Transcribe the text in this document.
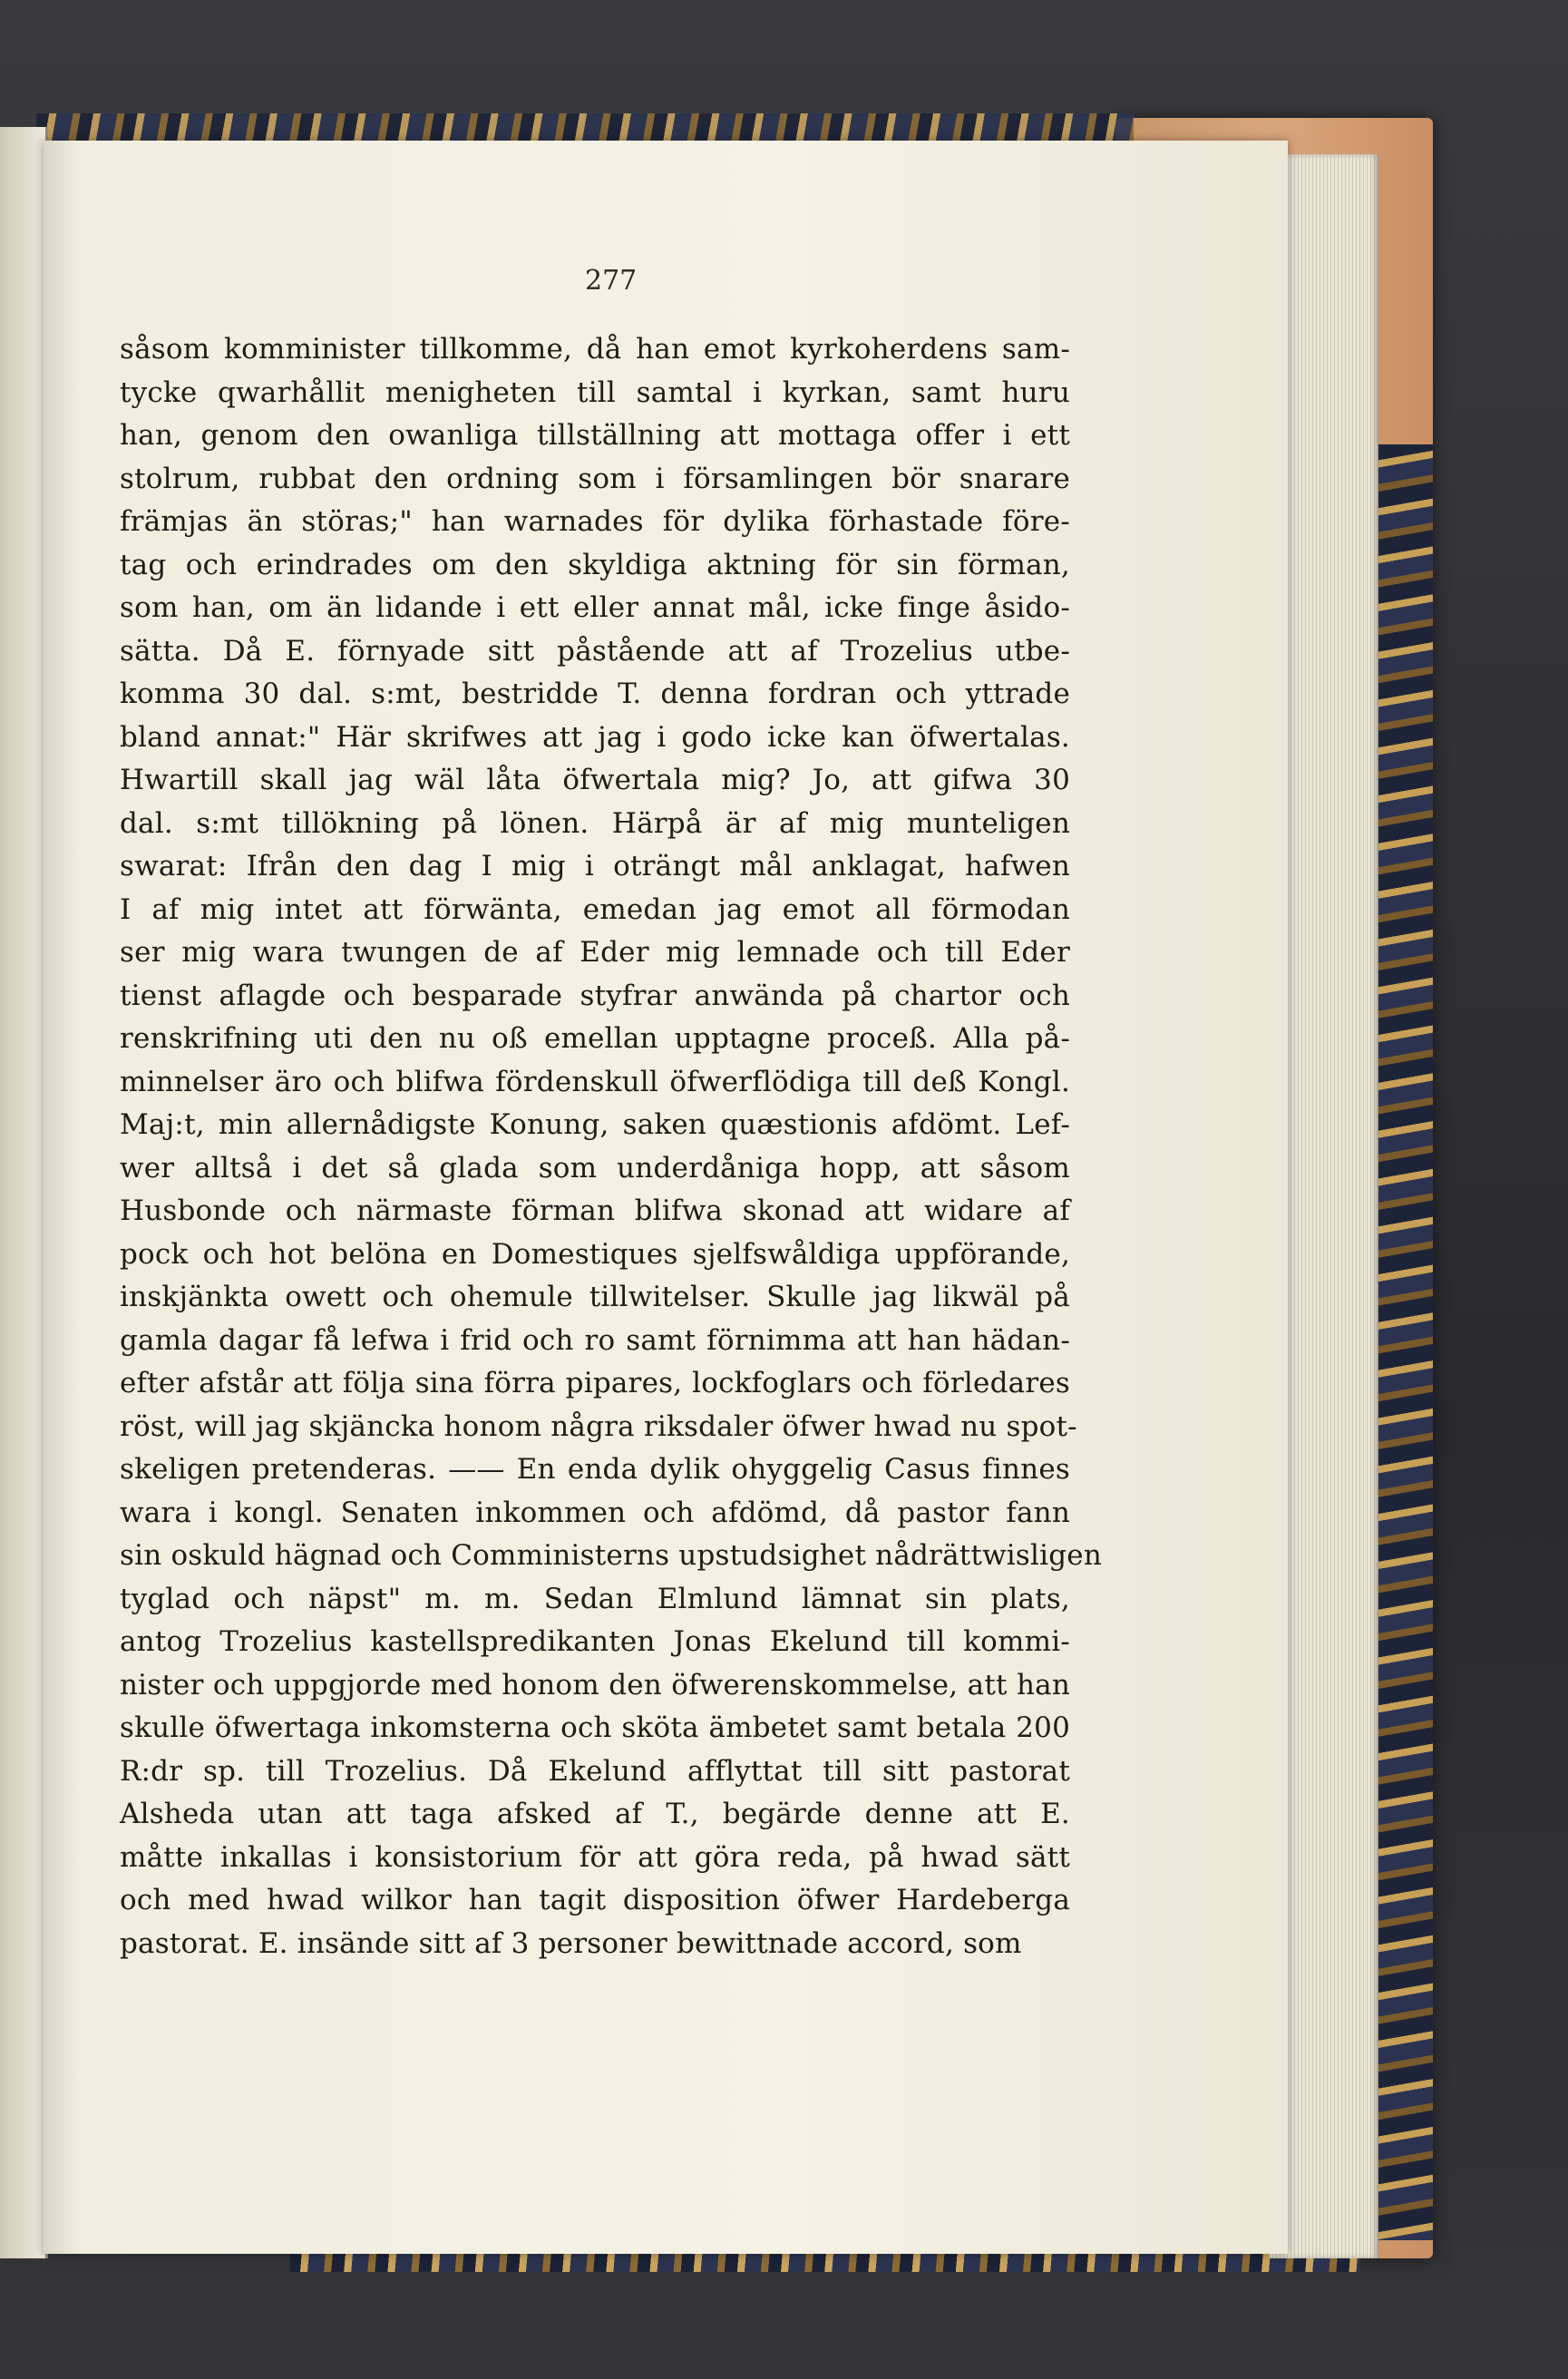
277
såsom komminister tillkomme, då han emot kyrkoherdens sam-
tycke qwarhållit menigheten till samtal i kyrkan, samt huru
han, genom den owanliga tillställning att mottaga offer i ett
stolrum, rubbat den ordning som i församlingen bör snarare
främjas än störas;" han warnades för dylika förhastade före-
tag och erindrades om den skyldiga aktning för sin förman,
som han, om än lidande i ett eller annat mål, icke finge åsido-
sätta. Då E. förnyade sitt påstående att af Trozelius utbe-
komma 30 dal. s:mt, bestridde T. denna fordran och yttrade
bland annat:" Här skrifwes att jag i godo icke kan öfwertalas.
Hwartill skall jag wäl låta öfwertala mig? Jo, att gifwa 30
dal. s:mt tillökning på lönen. Härpå är af mig munteligen
swarat: Ifrån den dag I mig i oträngt mål anklagat, hafwen
I af mig intet att förwänta, emedan jag emot all förmodan
ser mig wara twungen de af Eder mig lemnade och till Eder
tienst aflagde och besparade styfrar anwända på chartor och
renskrifning uti den nu oß emellan upptagne proceß. Alla på-
minnelser äro och blifwa fördenskull öfwerflödiga till deß Kongl.
Maj:t, min allernådigste Konung, saken quæstionis afdömt. Lef-
wer alltså i det så glada som underdåniga hopp, att såsom
Husbonde och närmaste förman blifwa skonad att widare af
pock och hot belöna en Domestiques sjelfswåldiga uppförande,
inskjänkta owett och ohemule tillwitelser. Skulle jag likwäl på
gamla dagar få lefwa i frid och ro samt förnimma att han hädan-
efter afstår att följa sina förra pipares, lockfoglars och förledares
röst, will jag skjäncka honom några riksdaler öfwer hwad nu spot-
skeligen pretenderas. —— En enda dylik ohyggelig Casus finnes
wara i kongl. Senaten inkommen och afdömd, då pastor fann
sin oskuld hägnad och Comministerns upstudsighet nådrättwisligen
tyglad och näpst" m. m. Sedan Elmlund lämnat sin plats,
antog Trozelius kastellspredikanten Jonas Ekelund till kommi-
nister och uppgjorde med honom den öfwerenskommelse, att han
skulle öfwertaga inkomsterna och sköta ämbetet samt betala 200
R:dr sp. till Trozelius. Då Ekelund afflyttat till sitt pastorat
Alsheda utan att taga afsked af T., begärde denne att E.
måtte inkallas i konsistorium för att göra reda, på hwad sätt
och med hwad wilkor han tagit disposition öfwer Hardeberga
pastorat. E. insände sitt af 3 personer bewittnade accord, som
